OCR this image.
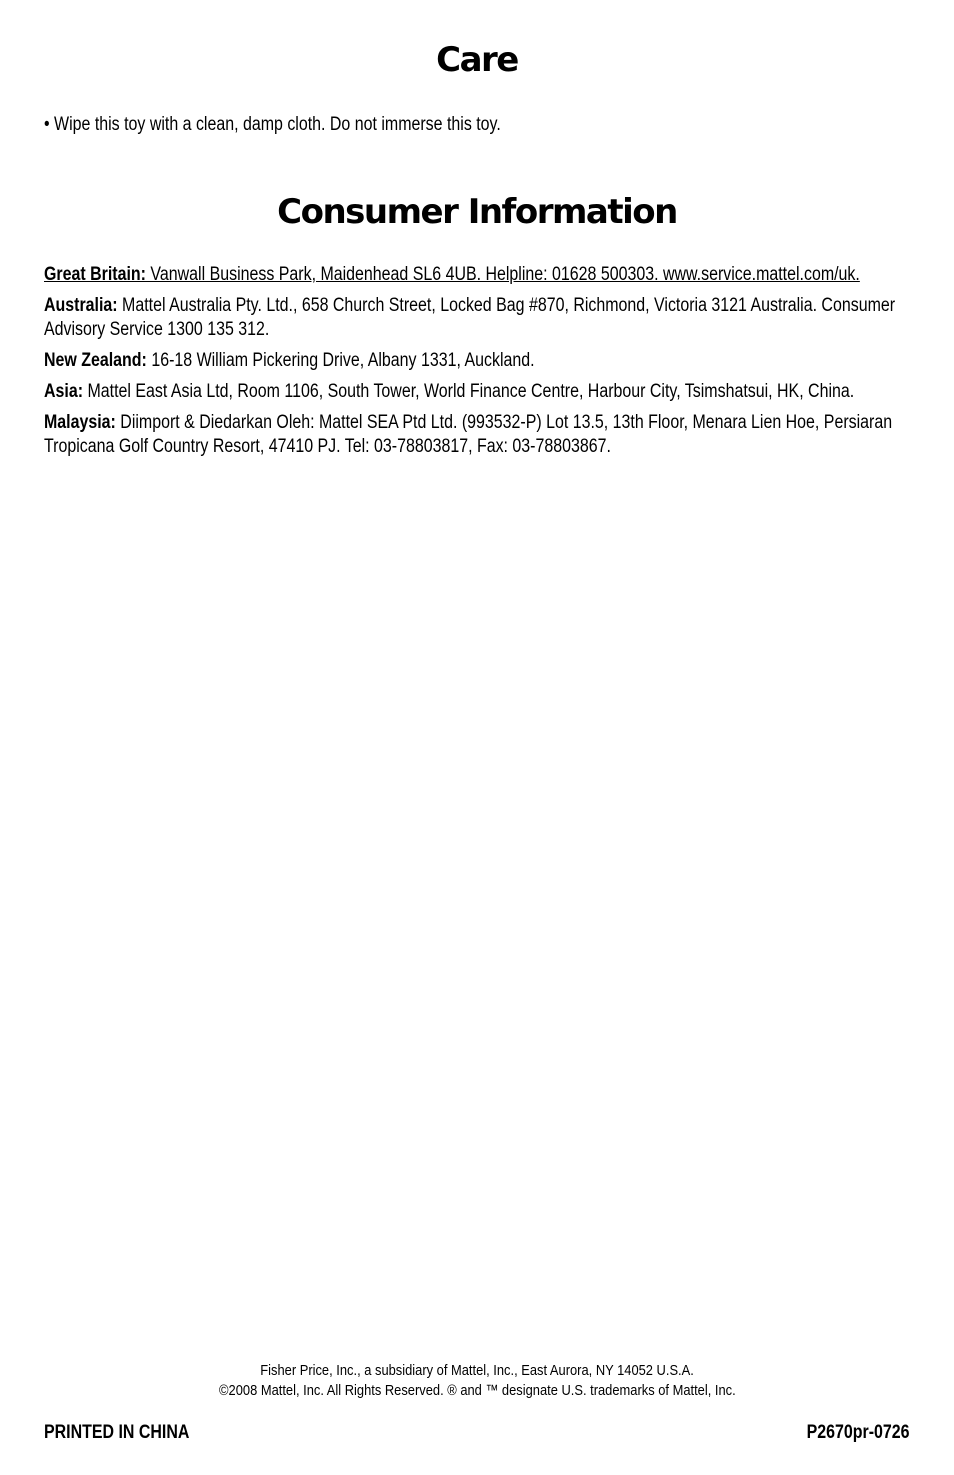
Care
• Wipe this toy with a clean, damp cloth. Do not immerse this toy.
Consumer Information

Great Britain: Vanwall Business Park, Maidenhead SL6 4UB. Helpline: 01628 500303. www.service.mattel.com/uk.

Australia: Mattel Australia Pty. Ltd., 658 Church Street, Locked Bag #870, Richmond, Victoria 3121 Australia. Consumer Advisory Service 1300 135 312.

New Zealand: 16-18 William Pickering Drive, Albany 1331, Auckland.

Asia: Mattel East Asia Ltd, Room 1106, South Tower, World Finance Centre, Harbour City, Tsimshatsui, HK, China.

Malaysia: Diimport & Diedarkan Oleh: Mattel SEA Ptd Ltd. (993532-P) Lot 13.5, 13th Floor, Menara Lien Hoe, Persiaran Tropicana Golf Country Resort, 47410 PJ. Tel: 03-78803817, Fax: 03-78803867.

Fisher Price, Inc., a subsidiary of Mattel, Inc., East Aurora, NY 14052 U.S.A.
©2008 Mattel, Inc. All Rights Reserved. ® and ™ designate U.S. trademarks of Mattel, Inc.
PRINTED IN CHINA	P2670pr-0726
